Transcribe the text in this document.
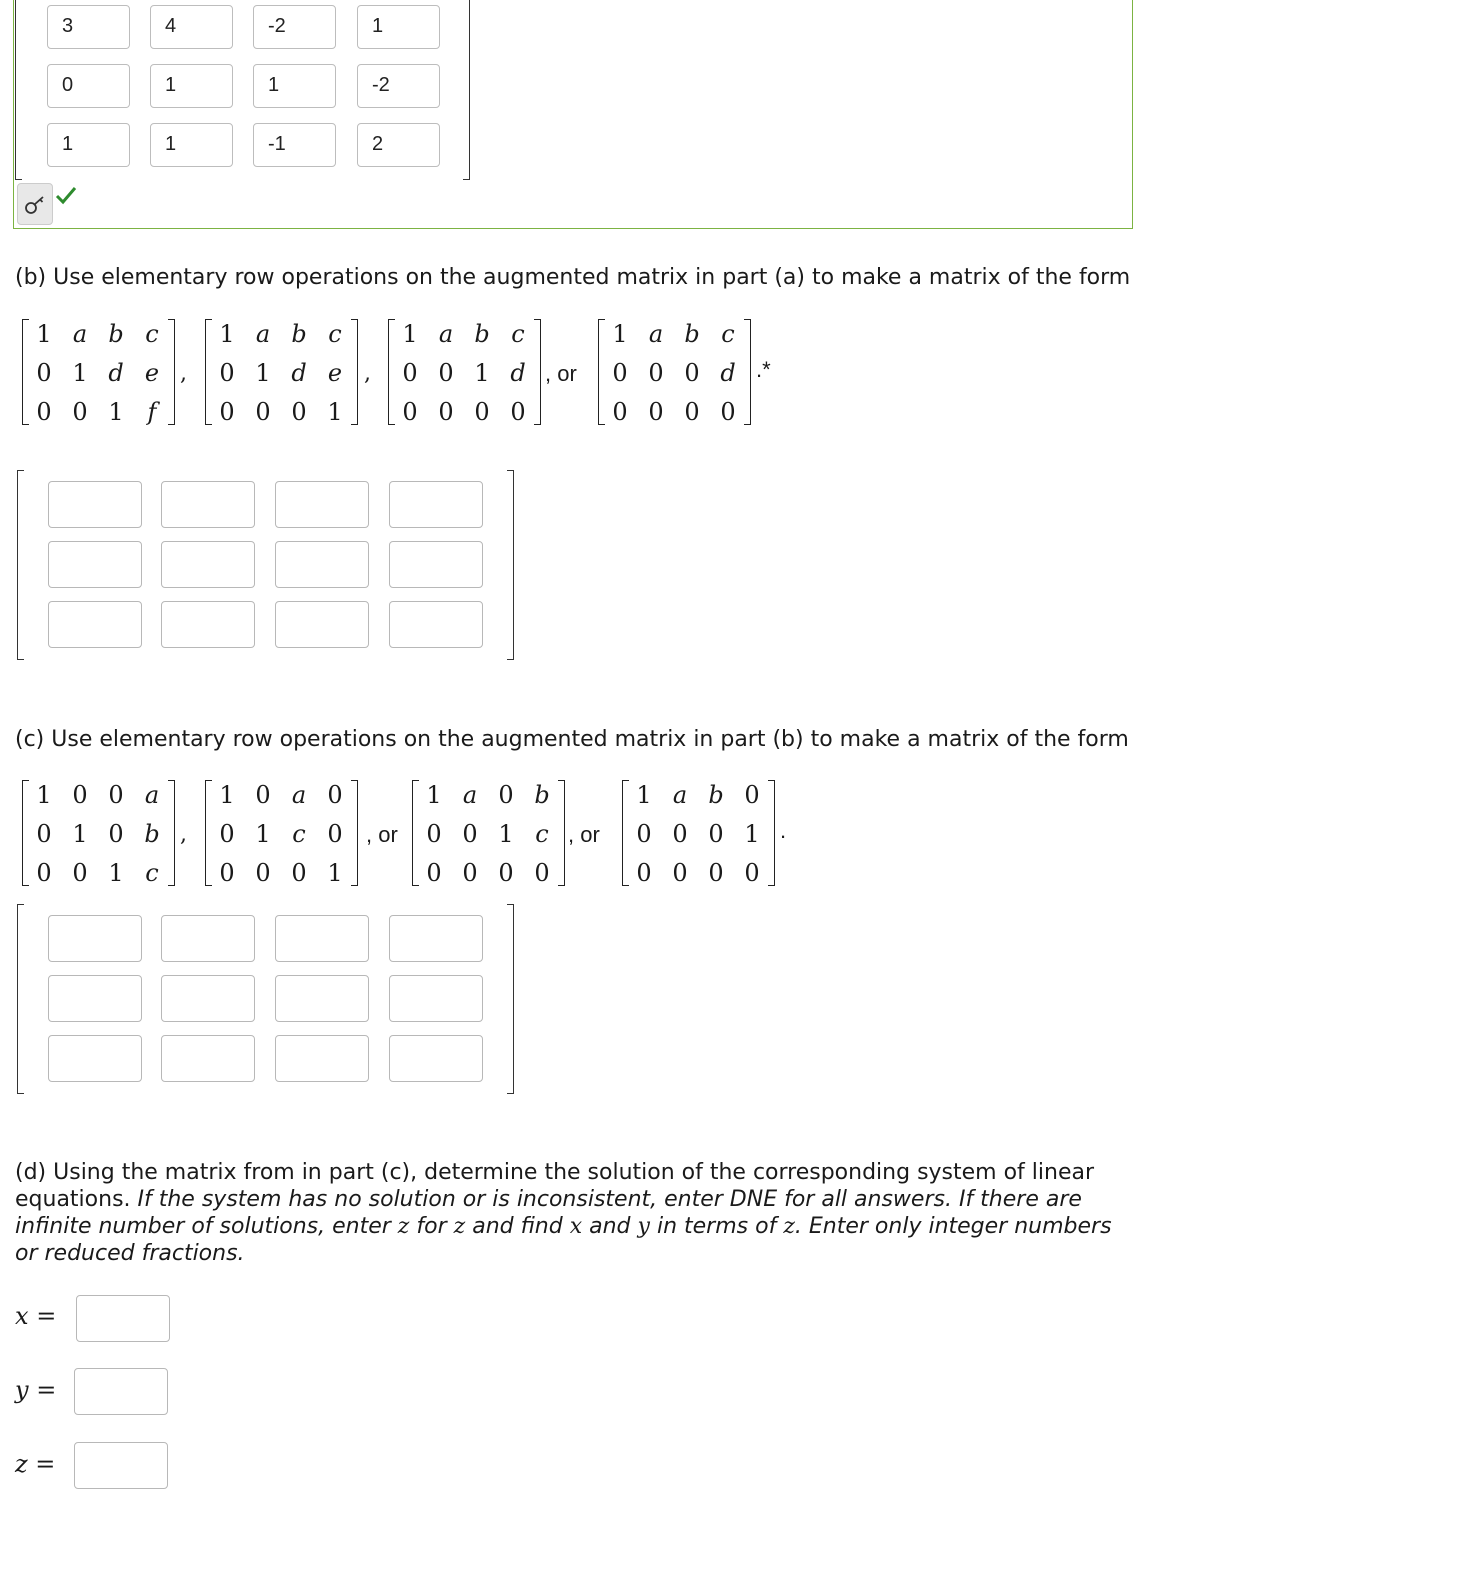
3	4	-2	1
0	1	1	-2
1	1	-1	2
(b) Use elementary row operations on the augmented matrix in part (a) to make a matrix of the form
1 a b c
0 1 d e
0 0 1 f
1 a b c
0 1 d e
0 0 0 1
1 a b c
0 0 1 d
0 0 0 0
1 a b c
0 0 0 d
0 0 0 0
,	,	, or	.*
(c) Use elementary row operations on the augmented matrix in part (b) to make a matrix of the form
1 0 0 a
0 1 0 b
0 0 1 c
1 0 a 0
0 1 c 0
0 0 0 1
1 a 0 b
0 0 1 c
0 0 0 0
1 a b 0
0 0 0 1
0 0 0 0
,	, or	, or	.
(d) Using the matrix from in part (c), determine the solution of the corresponding system of linear equations. If the system has no solution or is inconsistent, enter DNE for all answers. If there are infinite number of solutions, enter z for z and find x and y in terms of z. Enter only integer numbers or reduced fractions.
x =
y =
z =
